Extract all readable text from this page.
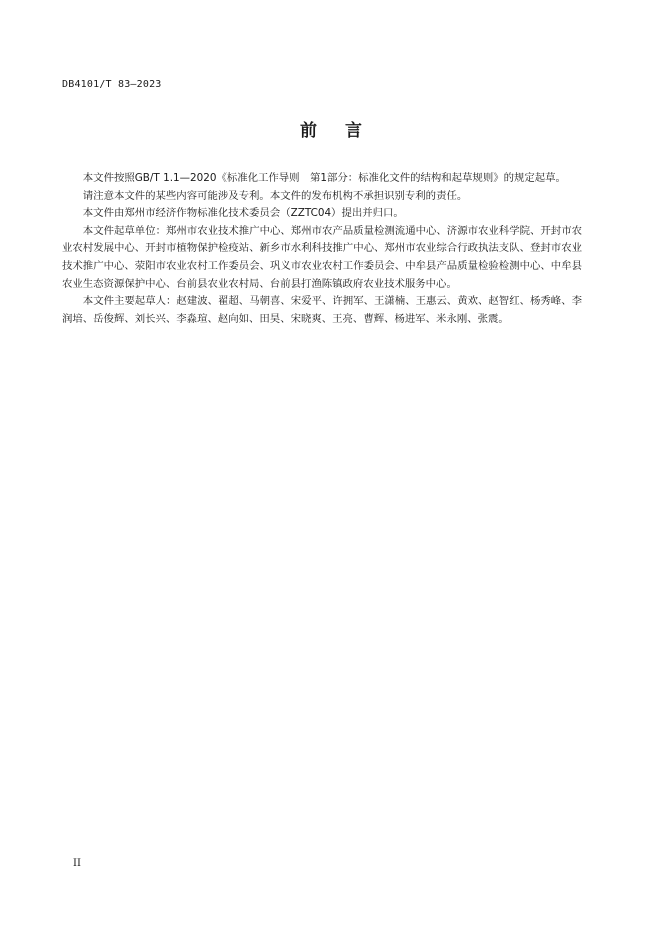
DB4101/T 83—2023
前言

本文件按照GB/T 1.1—2020《标准化工作导则　第1部分：标准化文件的结构和起草规则》的规定起草。

请注意本文件的某些内容可能涉及专利。本文件的发布机构不承担识别专利的责任。

本文件由郑州市经济作物标准化技术委员会（ZZTC04）提出并归口。

本文件起草单位：郑州市农业技术推广中心、郑州市农产品质量检测流通中心、济源市农业科学院、开封市农业农村发展中心、开封市植物保护检疫站、新乡市水利科技推广中心、郑州市农业综合行政执法支队、登封市农业技术推广中心、荥阳市农业农村工作委员会、巩义市农业农村工作委员会、中牟县产品质量检验检测中心、中牟县农业生态资源保护中心、台前县农业农村局、台前县打渔陈镇政府农业技术服务中心。

本文件主要起草人：赵建波、翟超、马朝喜、宋爱平、许拥军、王潇楠、王惠云、黄欢、赵智红、杨秀峰、李润培、岳俊辉、刘长兴、李淼瑄、赵向如、田昊、宋晓爽、王亮、曹辉、杨进军、米永刚、张震。

II
